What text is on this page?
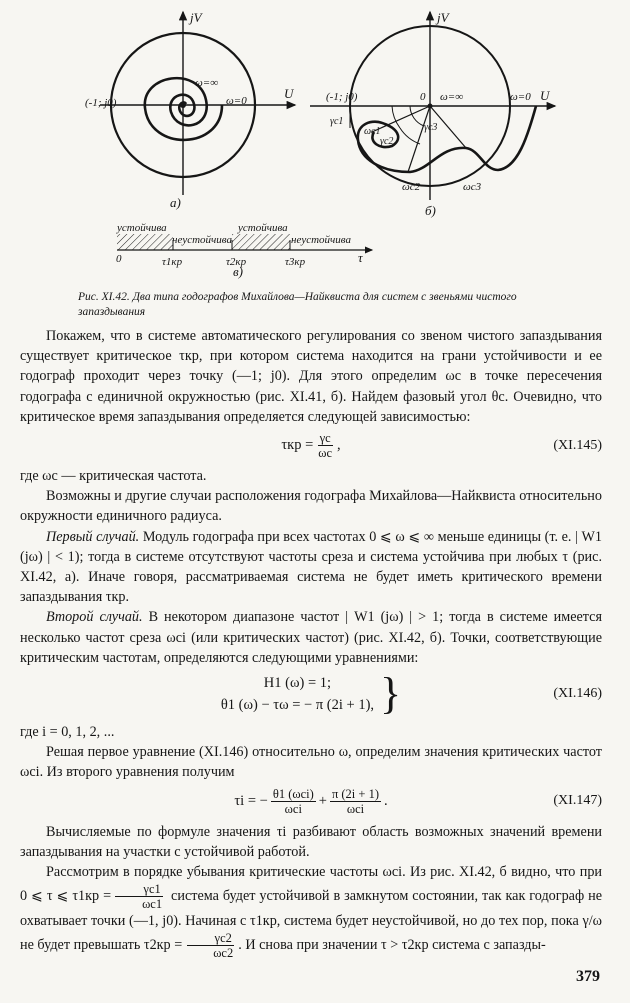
jV
U
(-1; j0)
ω=∞
ω=0
a)
jV
U
(-1; j0)	0 ω=∞	ω=0
γc1
γc2
γc3
ωc1
ωc2	ωc3
б)
устойчива
неустойчива
устойчива
неустойчива
0	τ1кр	τ2кр	τ3кр	τ
в)
Рис. XI.42. Два типа годографов Михайлова—Найквиста для систем с звеньями чистого запаздывания

Покажем, что в системе автоматического регулирования со звеном чистого запаздывания существует критическое τкр, при котором система находится на грани устойчивости и ее годограф проходит через точку (—1; j0). Для этого определим ωс в точке пересечения годографа с единичной окружностью (рис. XI.41, б). Найдем фазовый угол θс. Очевидно, что критическое время запаздывания определяется следующей зависимостью:

$\tau кр = \frac{\gamma с}{\omega с}$ ,	(XI.145)

где ωс — критическая частота.

Возможны и другие случаи расположения годографа Михайлова—Найквиста относительно окружности единичного радиуса.

Первый случай. Модуль годографа при всех частотах 0 ⩽ ω ⩽ ∞ меньше единицы (т. е. | W1 (jω) | < 1); тогда в системе отсутствуют частоты среза и система устойчива при любых τ (рис. XI.42, а). Иначе говоря, рассматриваемая система не будет иметь критического времени запаздывания τкр.

Второй случай. В некотором диапазоне частот | W1 (jω) | > 1; тогда в системе имеется несколько частот среза ωci (или критических частот) (рис. XI.42, б). Точки, соответствующие критическим частотам, определяются следующими уравнениями:

H1 (ω) = 1;
θ1 (ω) − τω = − π (2i + 1), }	(XI.146)

где i = 0, 1, 2, ...

Решая первое уравнение (XI.146) относительно ω, определим значения критических частот ωci. Из второго уравнения получим

τi = − $\frac{\text{θ1 (ωci)}}{\text{ωci}} + \frac{\pi (2i + 1)}{\text{ωci}}$ .	(XI.147)

Вычисляемые по формуле значения τi разбивают область возможных значений времени запаздывания на участки с устойчивой работой.

Рассмотрим в порядке убывания критические частоты ωci. Из рис. XI.42, б видно, что при 0 ⩽ τ ⩽ $\tau 1кр = \frac{\gamma c1}{\omega c1}$ система будет устойчивой в замкнутом состоянии, так как годограф не охватывает точки (—1, j0). Начиная с τ1кр, система будет неустойчивой, но до тех пор, пока γ/ω не будет превышать $\tau 2кр = \frac{\gamma c2}{\omega c2}$ . И снова при значении τ > τ2кр система с запазды-

379
